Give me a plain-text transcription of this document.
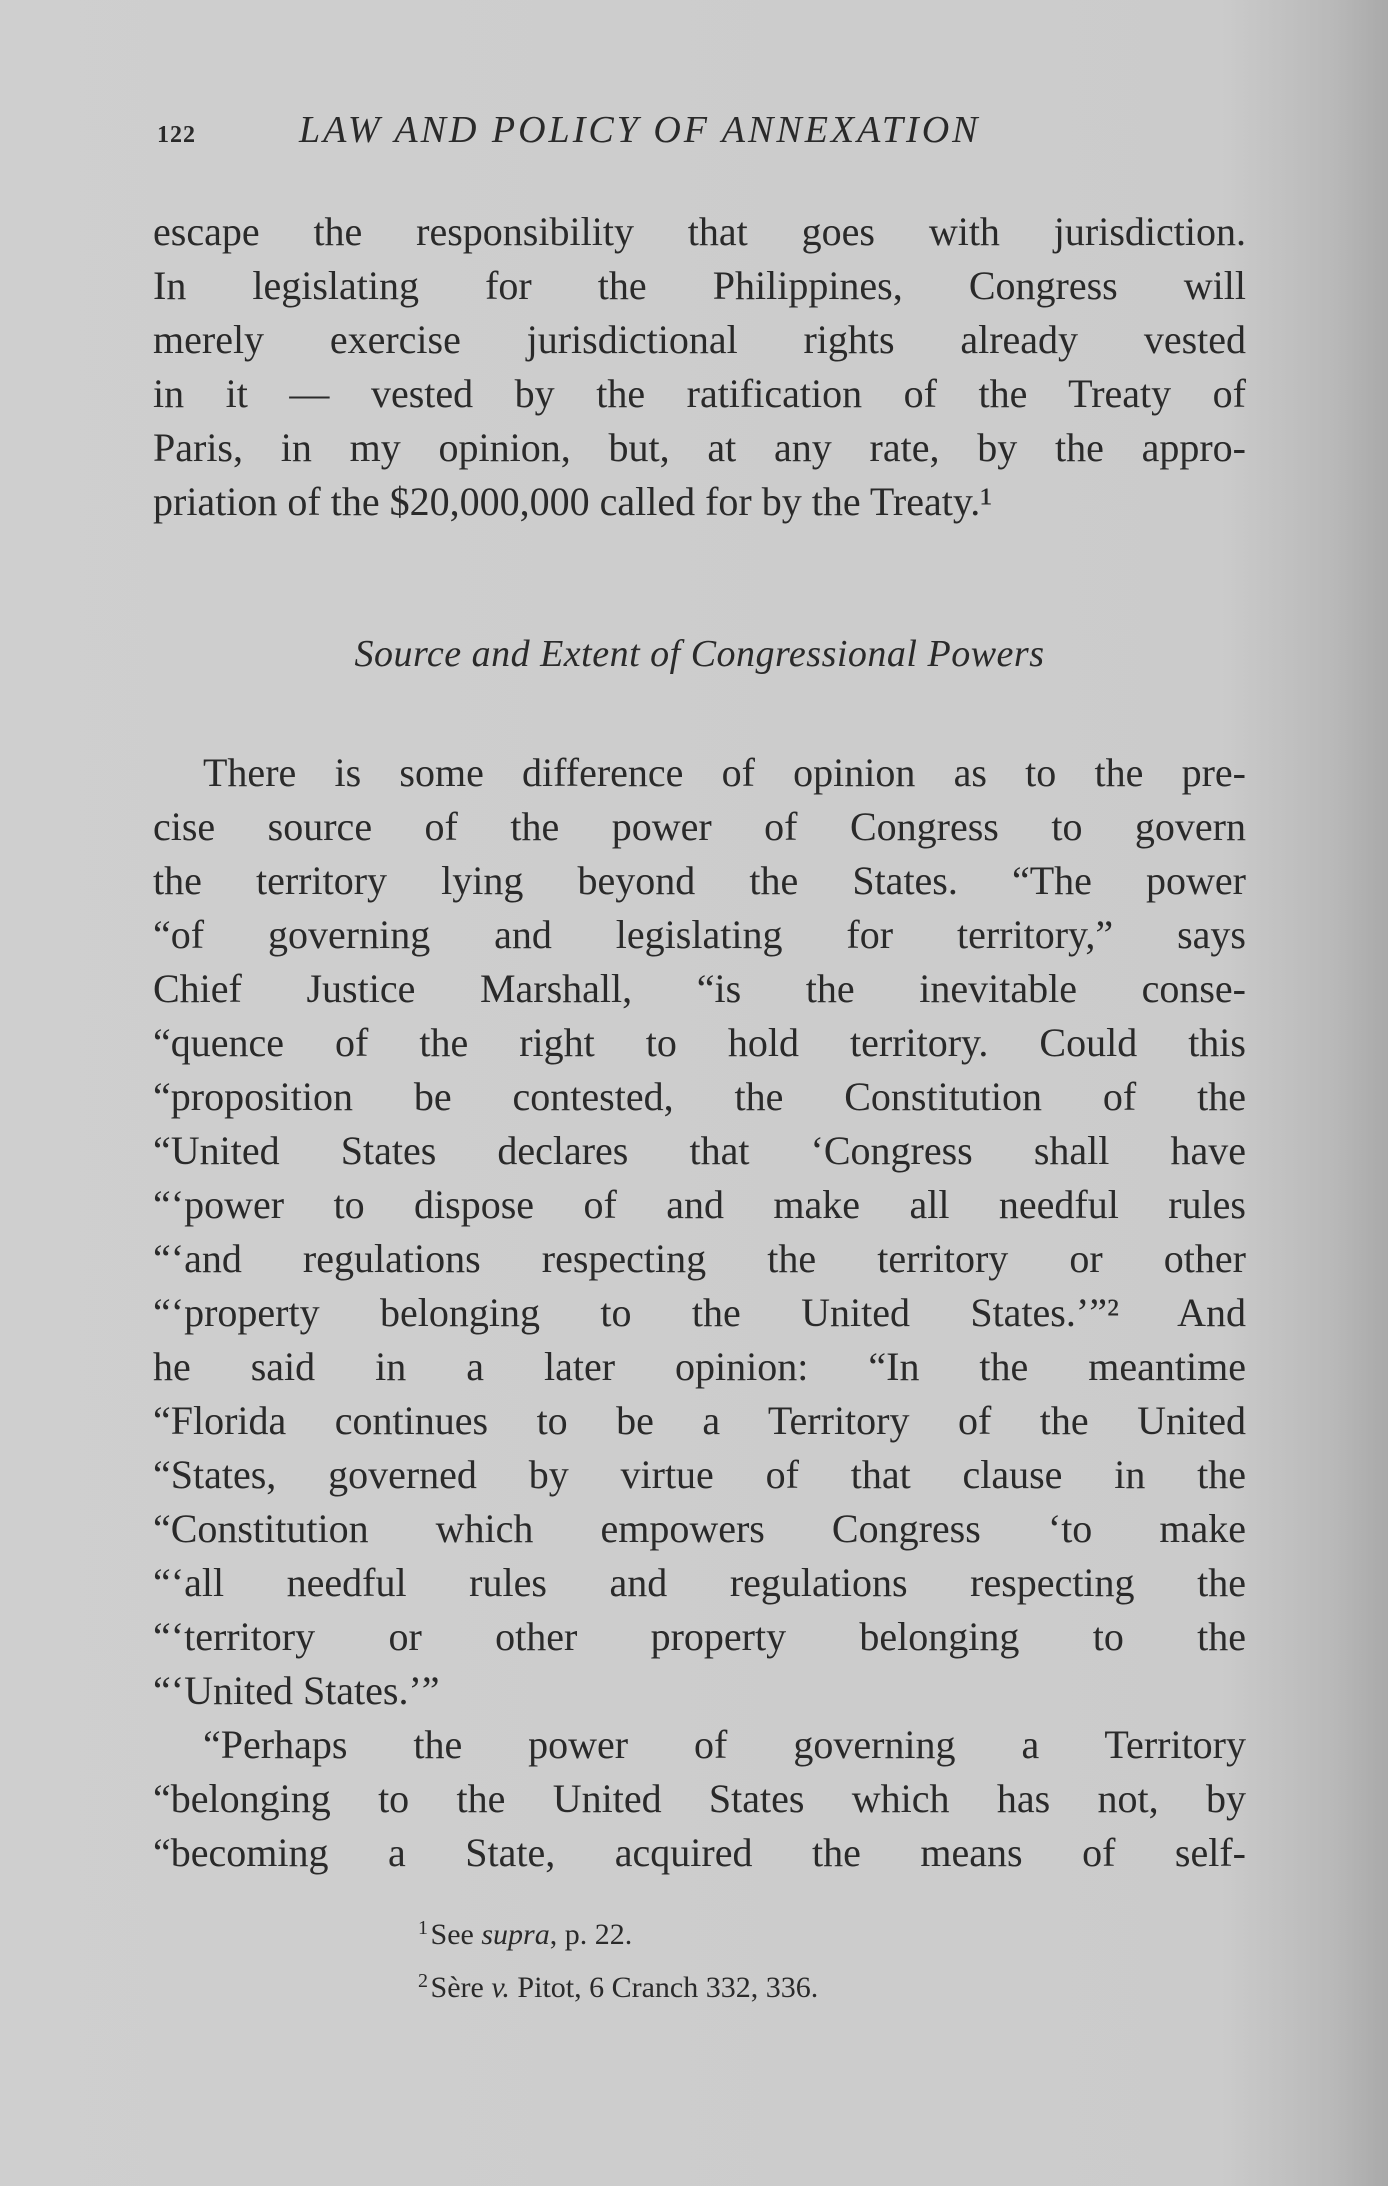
122	LAW AND POLICY OF ANNEXATION
escape the responsibility that goes with jurisdiction.
In legislating for the Philippines, Congress will
merely exercise jurisdictional rights already vested
in it — vested by the ratification of the Treaty of
Paris, in my opinion, but, at any rate, by the appro-
priation of the $20,000,000 called for by the Treaty.¹
Source and Extent of Congressional Powers
There is some difference of opinion as to the pre-
cise source of the power of Congress to govern
the territory lying beyond the States. “The power
“of governing and legislating for territory,” says
Chief Justice Marshall, “is the inevitable conse-
“quence of the right to hold territory. Could this
“proposition be contested, the Constitution of the
“United States declares that ‘Congress shall have
“‘power to dispose of and make all needful rules
“‘and regulations respecting the territory or other
“‘property belonging to the United States.’”² And
he said in a later opinion: “In the meantime
“Florida continues to be a Territory of the United
“States, governed by virtue of that clause in the
“Constitution which empowers Congress ‘to make
“‘all needful rules and regulations respecting the
“‘territory or other property belonging to the
“‘United States.’”
“Perhaps the power of governing a Territory
“belonging to the United States which has not, by
“becoming a State, acquired the means of self-
$^1$ See supra, p. 22.
$^2$ Sère v. Pitot, 6 Cranch 332, 336.
